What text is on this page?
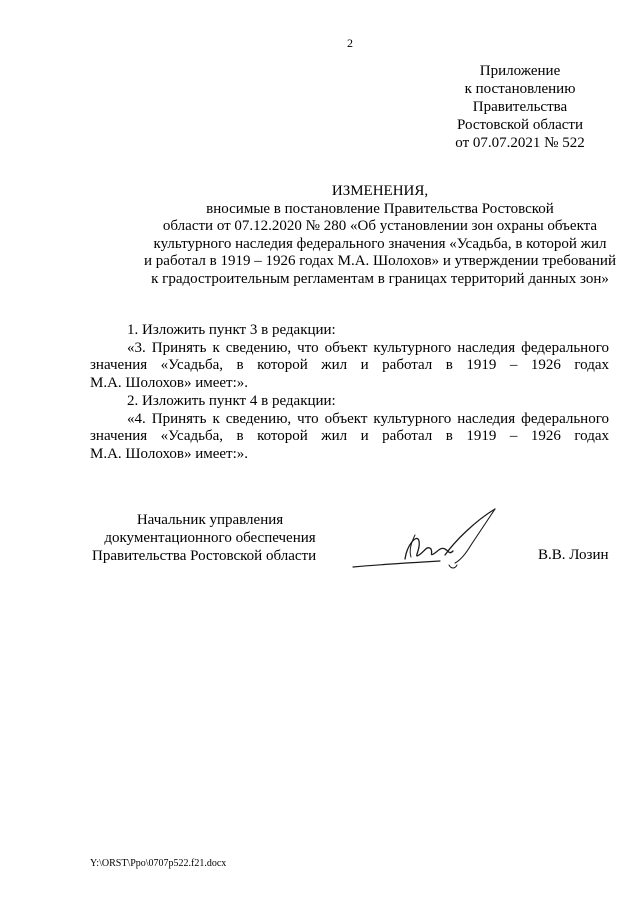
2
Приложение
к постановлению
Правительства
Ростовской области
от 07.07.2021 № 522
ИЗМЕНЕНИЯ,
вносимые в постановление Правительства Ростовской
области от 07.12.2020 № 280 «Об установлении зон охраны объекта
культурного наследия федерального значения «Усадьба, в которой жил
и работал в 1919 – 1926 годах М.А. Шолохов» и утверждении требований
к градостроительным регламентам в границах территорий данных зон»

1. Изложить пункт 3 в редакции:

«3. Принять к сведению, что объект культурного наследия федерального

значения «Усадьба, в которой жил и работал в 1919 – 1926 годах

М.А. Шолохов» имеет:».

2. Изложить пункт 4 в редакции:

«4. Принять к сведению, что объект культурного наследия федерального

значения «Усадьба, в которой жил и работал в 1919 – 1926 годах

М.А. Шолохов» имеет:».

Начальник управления
документационного обеспечения
Правительства Ростовской области	В.В. Лозин
Y:\ORST\Ppo\0707p522.f21.docx
